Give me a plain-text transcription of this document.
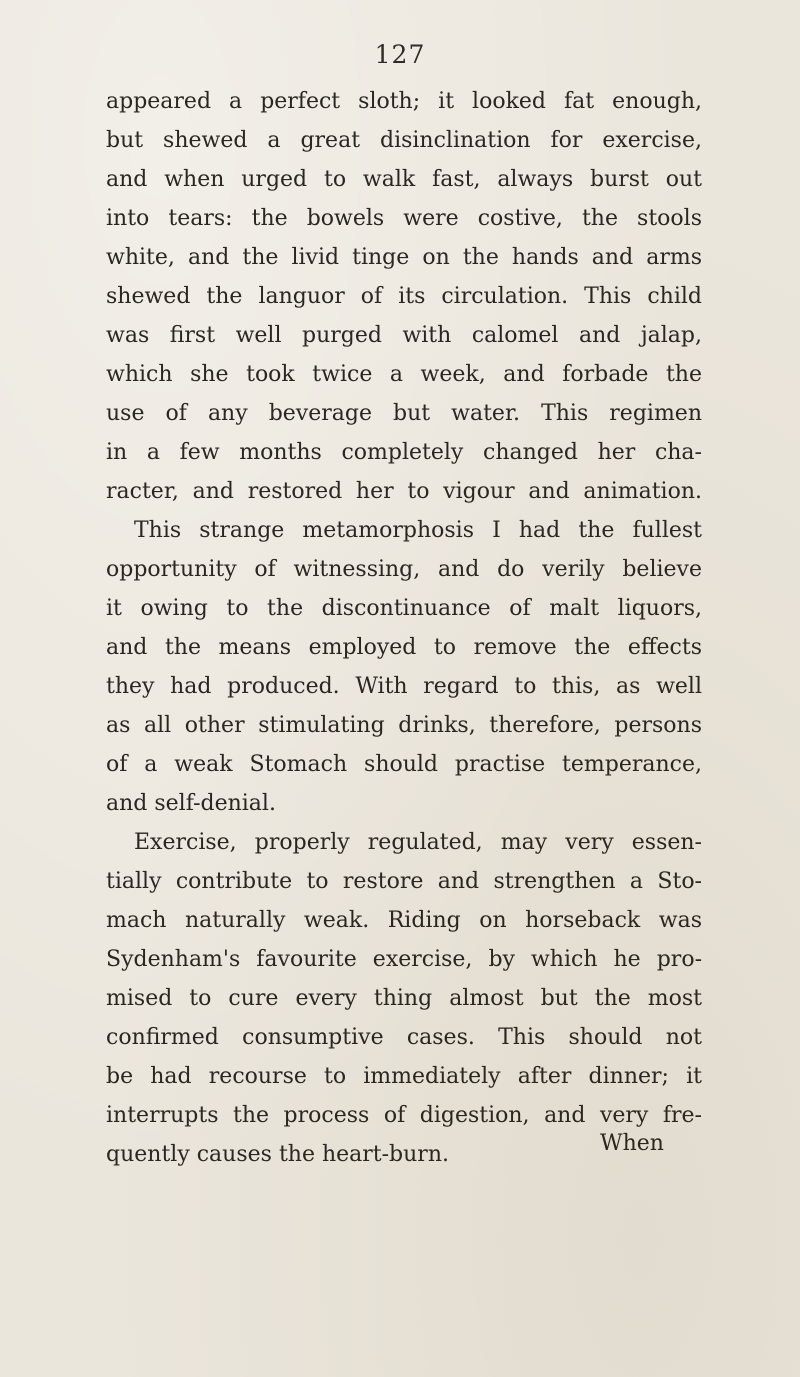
127
appeared a perfect sloth; it looked fat enough,
but shewed a great disinclination for exercise,
and when urged to walk fast, always burst out
into tears: the bowels were costive, the stools
white, and the livid tinge on the hands and arms
shewed the languor of its circulation. This child
was first well purged with calomel and jalap,
which she took twice a week, and forbade the
use of any beverage but water. This regimen
in a few months completely changed her cha-
racter, and restored her to vigour and animation.
This strange metamorphosis I had the fullest
opportunity of witnessing, and do verily believe
it owing to the discontinuance of malt liquors,
and the means employed to remove the effects
they had produced. With regard to this, as well
as all other stimulating drinks, therefore, persons
of a weak Stomach should practise temperance,
and self-denial.
Exercise, properly regulated, may very essen-
tially contribute to restore and strengthen a Sto-
mach naturally weak. Riding on horseback was
Sydenham's favourite exercise, by which he pro-
mised to cure every thing almost but the most
confirmed consumptive cases. This should not
be had recourse to immediately after dinner; it
interrupts the process of digestion, and very fre-
quently causes the heart-burn.	When
